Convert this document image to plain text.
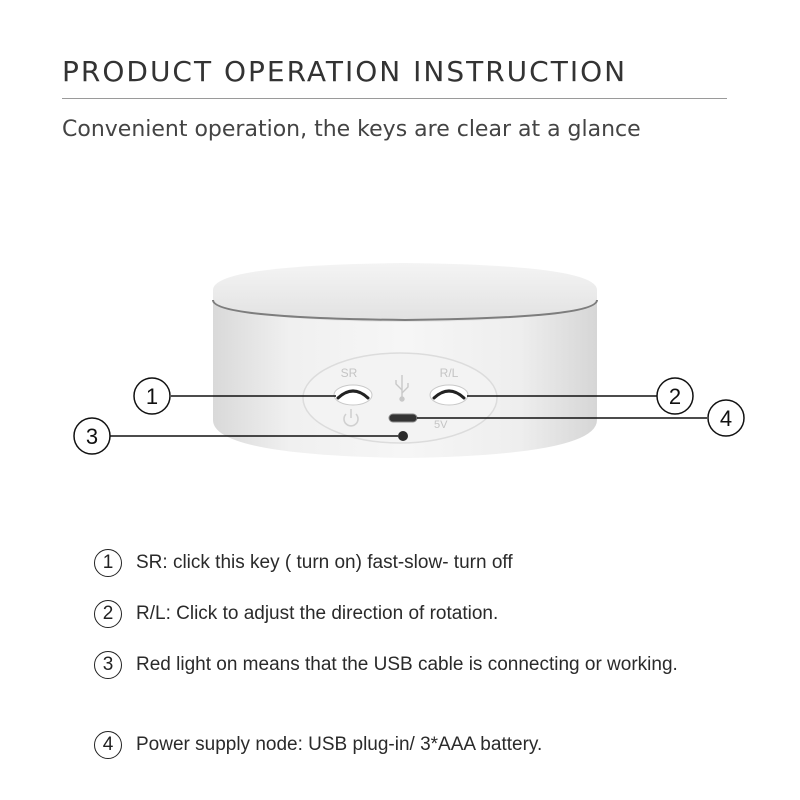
PRODUCT OPERATION INSTRUCTION
Convenient operation, the keys are clear at a glance
SR	R/L
5V
1	2
3
4
1	SR: click this key ( turn on) fast-slow- turn off
2	R/L: Click to adjust the direction of rotation.
3	Red light on means that the USB cable is connecting or working.
4	Power supply node: USB plug-in/ 3*AAA battery.
